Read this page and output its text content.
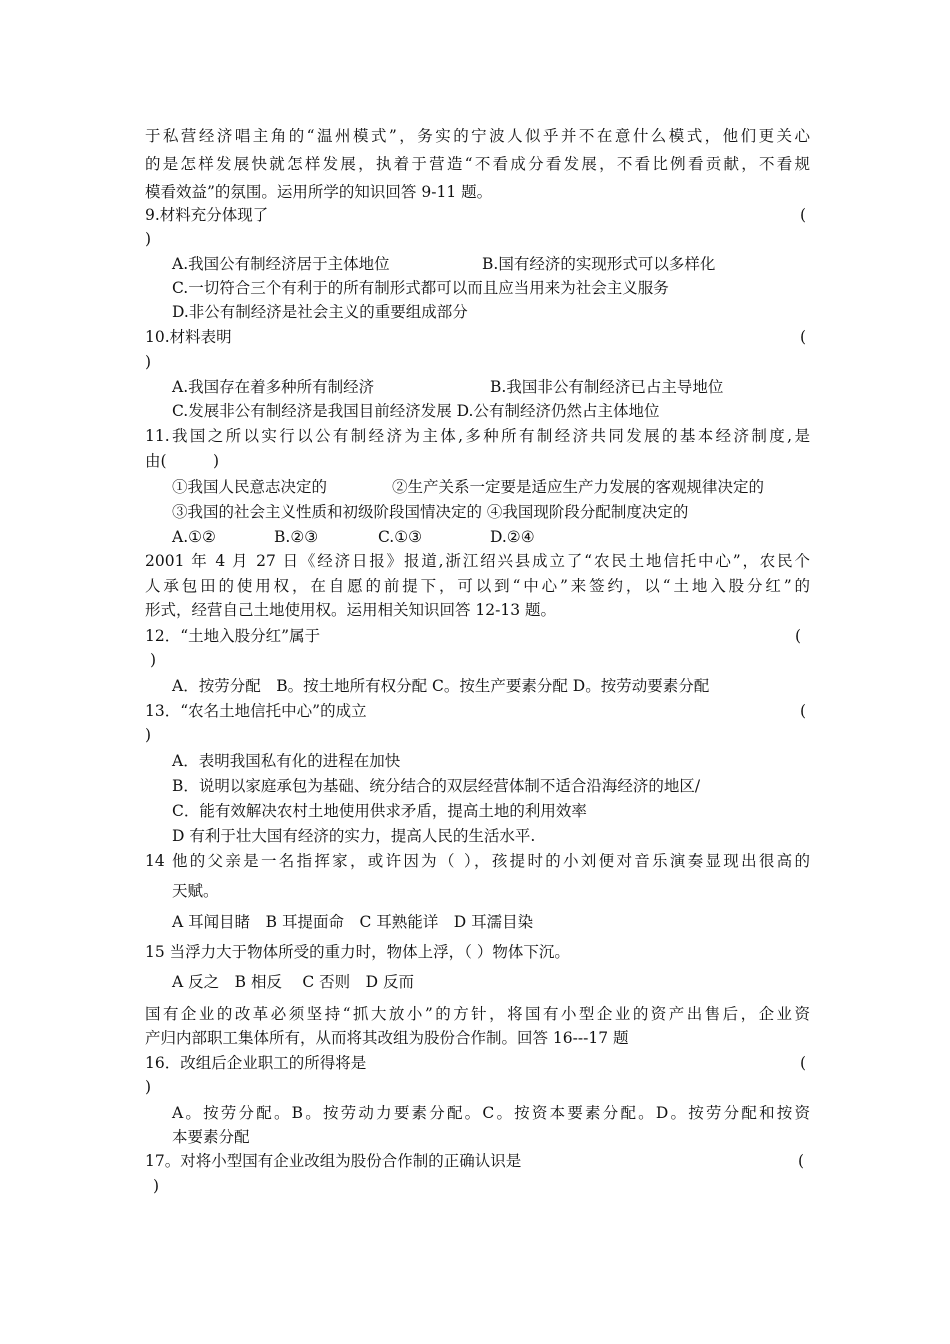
于私营经济唱主角的“温州模式”，务实的宁波人似乎并不在意什么模式，他们更关心
的是怎样发展快就怎样发展，执着于营造“不看成分看发展，不看比例看贡献，不看规
模看效益”的氛围。运用所学的知识回答 9-11 题。
9.材料充分体现了	(
)
A.我国公有制经济居于主体地位	B.国有经济的实现形式可以多样化
C.一切符合三个有利于的所有制形式都可以而且应当用来为社会主义服务
D.非公有制经济是社会主义的重要组成部分
10.材料表明	(
)
A.我国存在着多种所有制经济	B.我国非公有制经济已占主导地位
C.发展非公有制经济是我国目前经济发展 D.公有制经济仍然占主体地位
11.我国之所以实行以公有制经济为主体,多种所有制经济共同发展的基本经济制度,是
由(　　　)
①我国人民意志决定的	②生产关系一定要是适应生产力发展的客观规律决定的
③我国的社会主义性质和初级阶段国情决定的 ④我国现阶段分配制度决定的
A.①②	B.②③	C.①③	D.②④
2001 年 4 月 27 日《经济日报》报道,浙江绍兴县成立了“农民土地信托中心”，农民个
人承包田的使用权，在自愿的前提下，可以到“中心”来签约，以“土地入股分红”的
形式，经营自己土地使用权。运用相关知识回答 12-13 题。
12．“土地入股分红”属于	(
)
A．按劳分配　B。按土地所有权分配 C。按生产要素分配 D。按劳动要素分配
13．“农名土地信托中心”的成立	(
)
A．表明我国私有化的进程在加快
B．说明以家庭承包为基础、统分结合的双层经营体制不适合沿海经济的地区/
C．能有效解决农村土地使用供求矛盾，提高土地的利用效率
D 有利于壮大国有经济的实力，提高人民的生活水平.
14 他的父亲是一名指挥家，或许因为（ ），孩提时的小刘便对音乐演奏显现出很高的
天赋。
A 耳闻目睹　B 耳提面命　C 耳熟能详　D 耳濡目染
15 当浮力大于物体所受的重力时，物体上浮，（ ）物体下沉。
A 反之　B 相反　 C 否则　D 反而
国有企业的改革必须坚持“抓大放小”的方针，将国有小型企业的资产出售后，企业资
产归内部职工集体所有，从而将其改组为股份合作制。回答 16---17 题
16．改组后企业职工的所得将是	(
)
A。按劳分配。B。按劳动力要素分配。C。按资本要素分配。D。按劳分配和按资
本要素分配
17。对将小型国有企业改组为股份合作制的正确认识是	(
)
